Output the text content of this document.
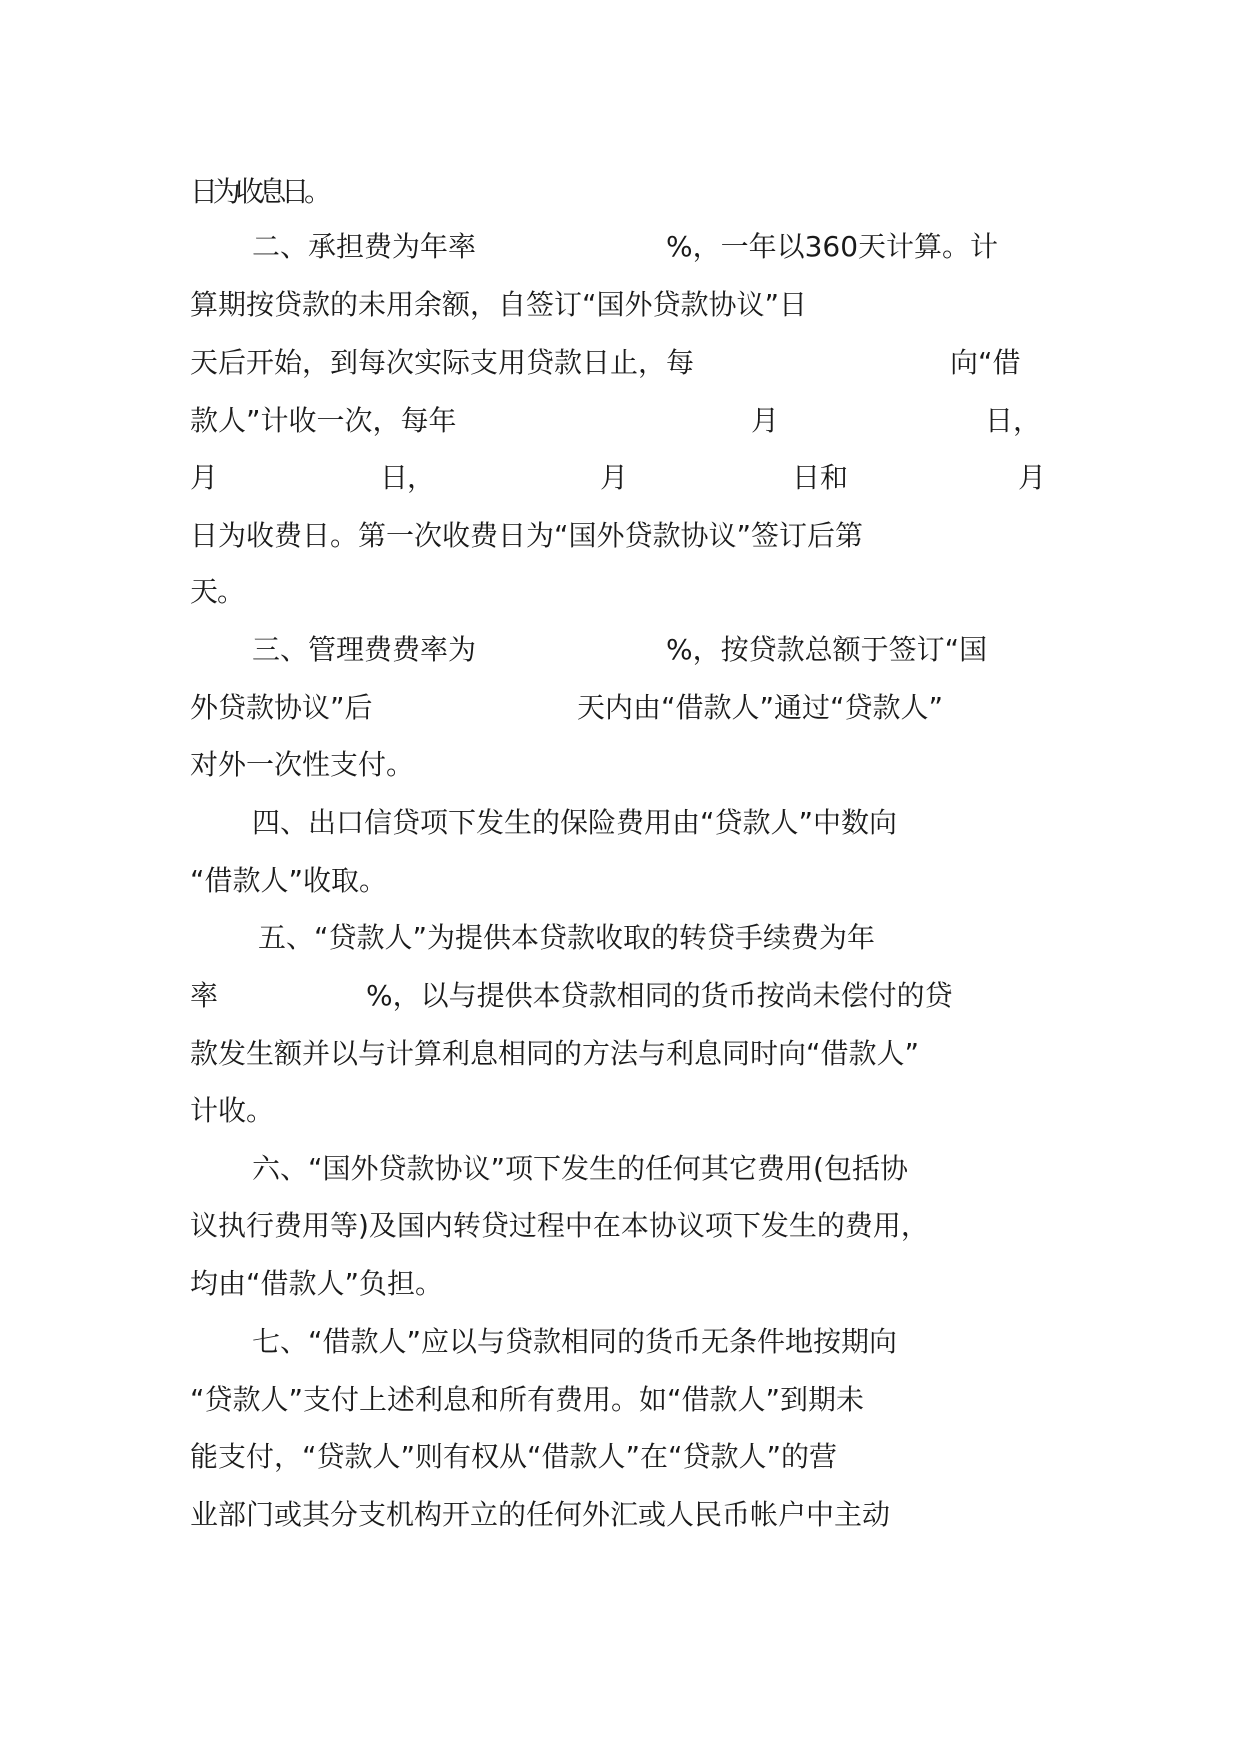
日为收息日。
二、承担费为年率	%，一年以360天计算。计
算期按贷款的未用余额，自签订“国外贷款协议”日
天后开始，到每次实际支用贷款日止，每	向“借
款人”计收一次，每年	月	日，
月	日，	月	日和	月
日为收费日。第一次收费日为“国外贷款协议”签订后第
天。
三、管理费费率为	%，按贷款总额于签订“国
外贷款协议”后	天内由“借款人”通过“贷款人”
对外一次性支付。
四、出口信贷项下发生的保险费用由“贷款人”中数向
“借款人”收取。
五、“贷款人”为提供本贷款收取的转贷手续费为年
率	%，以与提供本贷款相同的货币按尚未偿付的贷
款发生额并以与计算利息相同的方法与利息同时向“借款人”
计收。
六、“国外贷款协议”项下发生的任何其它费用(包括协
议执行费用等)及国内转贷过程中在本协议项下发生的费用，
均由“借款人”负担。
七、“借款人”应以与贷款相同的货币无条件地按期向
“贷款人”支付上述利息和所有费用。如“借款人”到期未
能支付，“贷款人”则有权从“借款人”在“贷款人”的营
业部门或其分支机构开立的任何外汇或人民币帐户中主动
